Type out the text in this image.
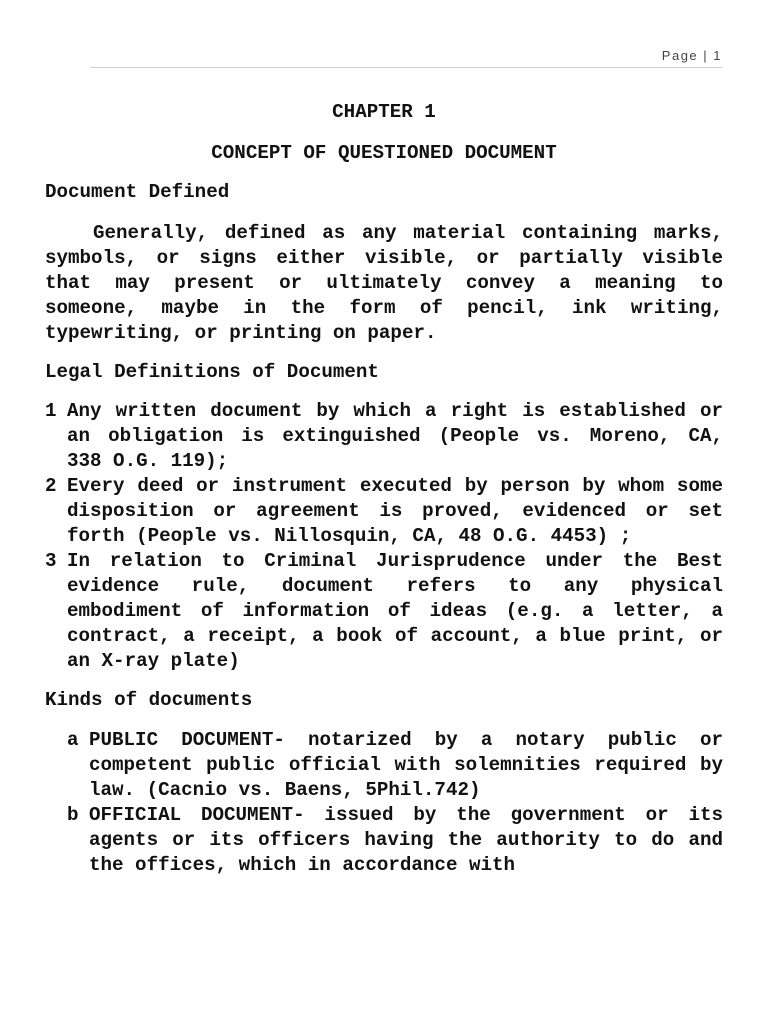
Page | 1
CHAPTER 1
CONCEPT OF QUESTIONED DOCUMENT
Document Defined

Generally, defined as any material containing marks, symbols, or signs either visible, or partially visible that may present or ultimately convey a meaning to someone, maybe in the form of pencil, ink writing, typewriting, or printing on paper.

Legal Definitions of Document
1 Any written document by which a right is established or an obligation is extinguished (People vs. Moreno, CA, 338 O.G. 119);
2 Every deed or instrument executed by person by whom some disposition or agreement is proved, evidenced or set forth (People vs. Nillosquin, CA, 48 O.G. 4453) ;
3 In relation to Criminal Jurisprudence under the Best evidence rule, document refers to any physical embodiment of information of ideas (e.g. a letter, a contract, a receipt, a book of account, a blue print, or an X-ray plate)
Kinds of documents
a PUBLIC DOCUMENT- notarized by a notary public or competent public official with solemnities required by law. (Cacnio vs. Baens, 5Phil.742)
b OFFICIAL DOCUMENT- issued by the government or its agents or its officers having the authority to do and the offices, which in accordance with
